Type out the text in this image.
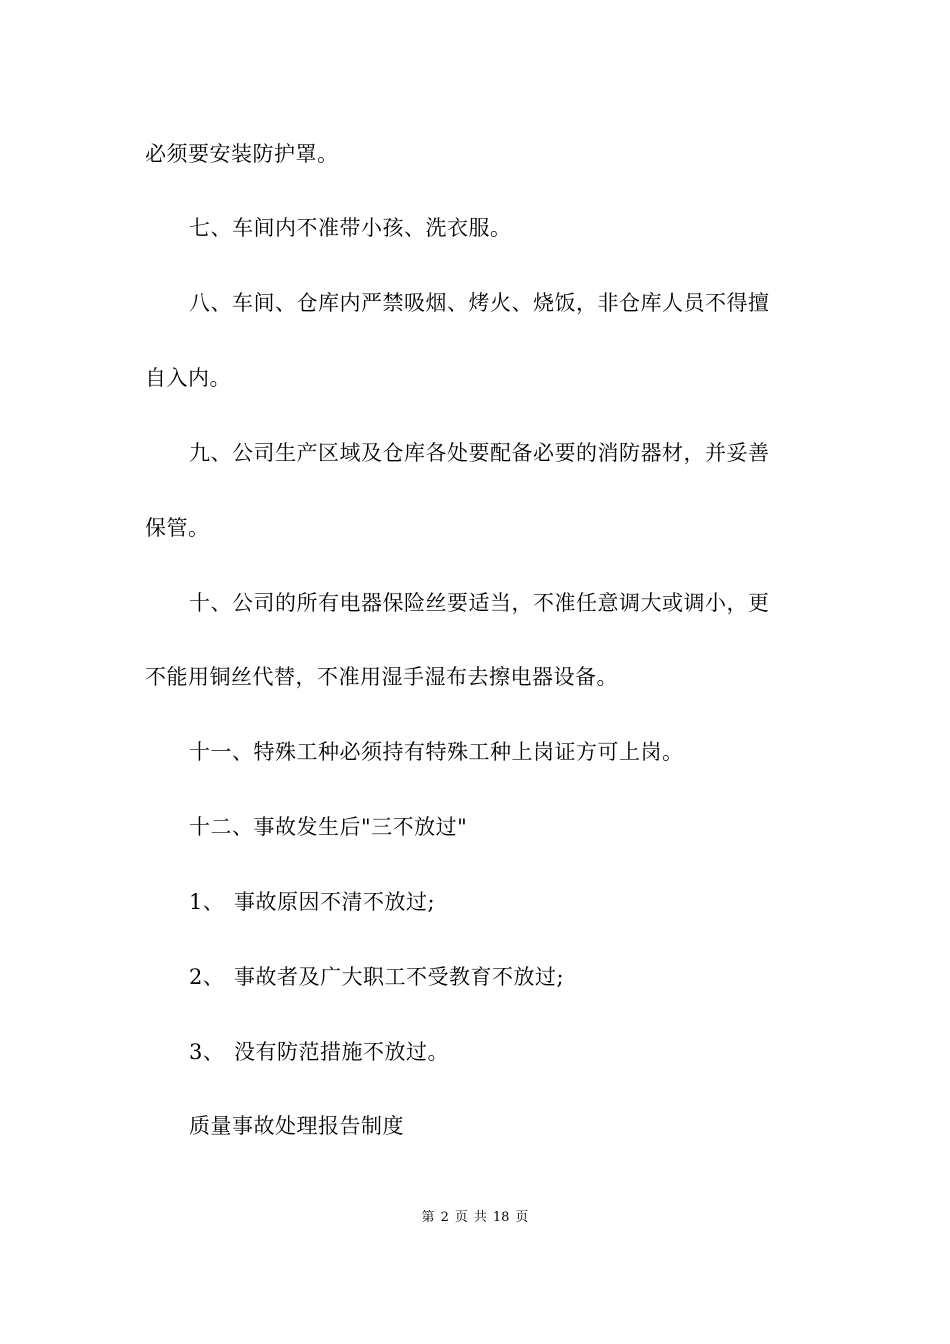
必须要安装防护罩。
七、车间内不准带小孩、洗衣服。
八、车间、仓库内严禁吸烟、烤火、烧饭，非仓库人员不得擅
自入内。
九、公司生产区域及仓库各处要配备必要的消防器材，并妥善
保管。
十、公司的所有电器保险丝要适当，不准任意调大或调小，更
不能用铜丝代替，不准用湿手湿布去擦电器设备。
十一、特殊工种必须持有特殊工种上岗证方可上岗。
十二、事故发生后"三不放过"
1、 事故原因不清不放过;
2、 事故者及广大职工不受教育不放过;
3、 没有防范措施不放过。
质量事故处理报告制度
第 2 页 共 18 页
